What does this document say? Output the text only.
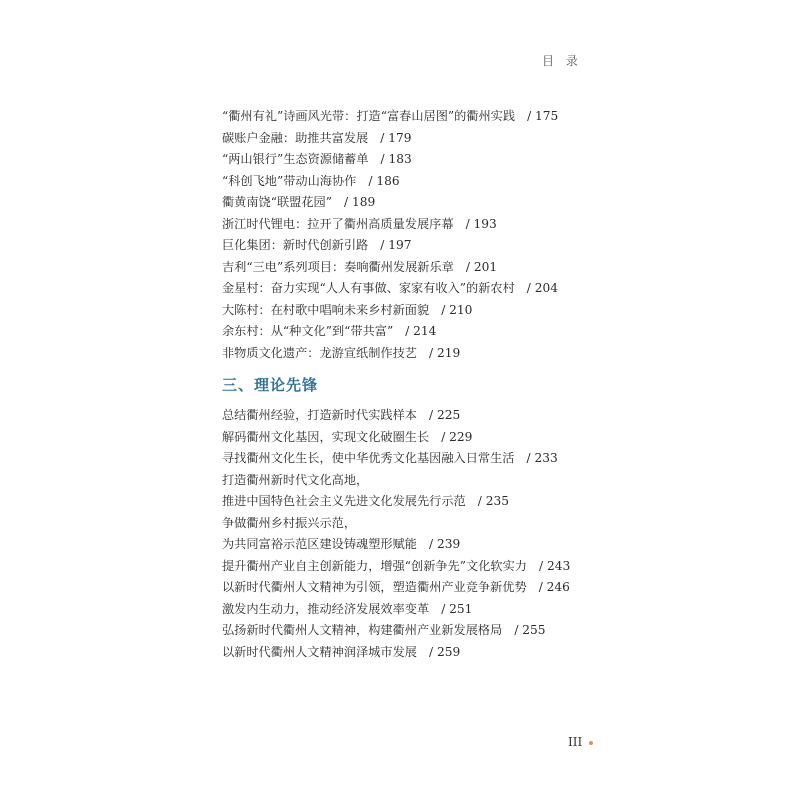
目 录
“衢州有礼”诗画风光带：打造“富春山居图”的衢州实践 / 175
碳账户金融：助推共富发展 / 179
“两山银行”生态资源储蓄单 / 183
“科创飞地”带动山海协作 / 186
衢黄南饶“联盟花园” / 189
浙江时代锂电：拉开了衢州高质量发展序幕 / 193
巨化集团：新时代创新引路 / 197
吉利“三电”系列项目：奏响衢州发展新乐章 / 201
金星村：奋力实现“人人有事做、家家有收入”的新农村 / 204
大陈村：在村歌中唱响未来乡村新面貌 / 210
余东村：从“种文化”到“带共富” / 214
非物质文化遗产：龙游宣纸制作技艺 / 219
三、理论先锋
总结衢州经验，打造新时代实践样本 / 225
解码衢州文化基因，实现文化破圈生长 / 229
寻找衢州文化生长，使中华优秀文化基因融入日常生活 / 233
打造衢州新时代文化高地，
推进中国特色社会主义先进文化发展先行示范 / 235
争做衢州乡村振兴示范，
为共同富裕示范区建设铸魂塑形赋能 / 239
提升衢州产业自主创新能力，增强“创新争先”文化软实力 / 243
以新时代衢州人文精神为引领，塑造衢州产业竞争新优势 / 246
激发内生动力，推动经济发展效率变革 / 251
弘扬新时代衢州人文精神，构建衢州产业新发展格局 / 255
以新时代衢州人文精神润泽城市发展 / 259
III
